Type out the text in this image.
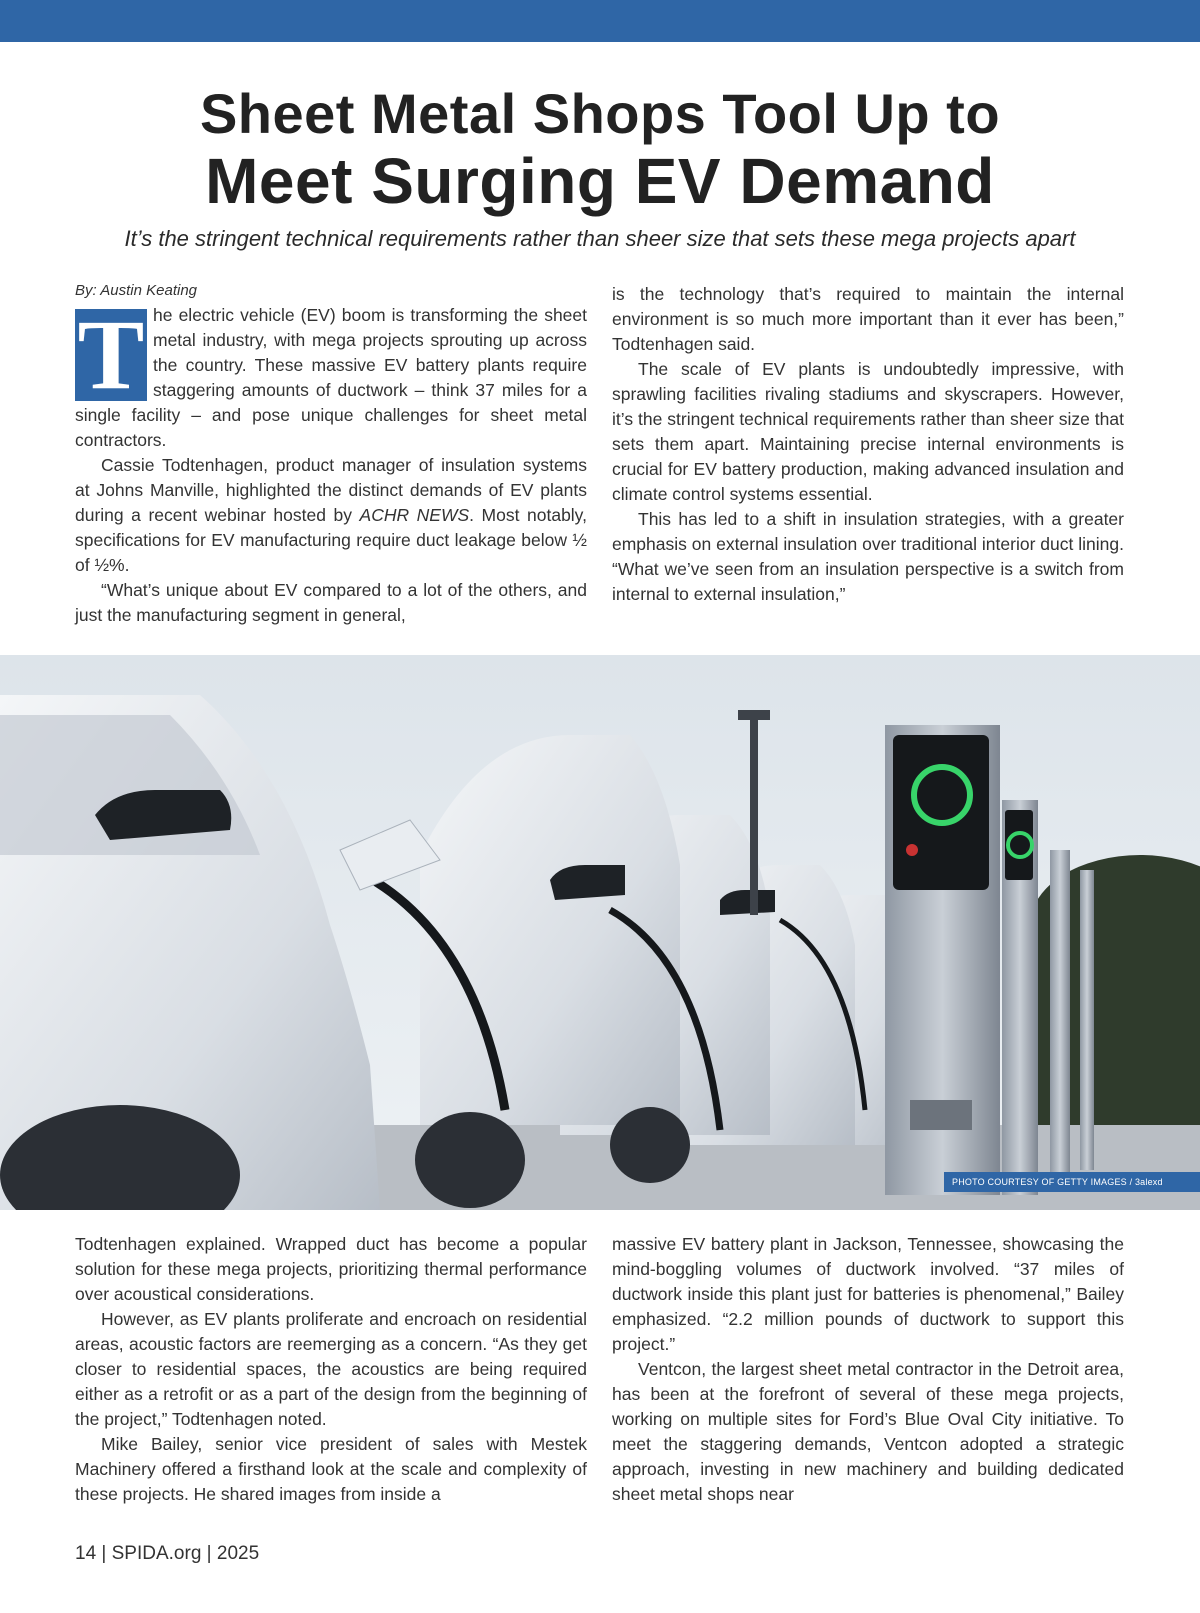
Sheet Metal Shops Tool Up to
Meet Surging EV Demand
It’s the stringent technical requirements rather than sheer size that sets these mega projects apart

By: Austin Keating

T he electric vehicle (EV) boom is transforming the sheet metal industry, with mega projects sprouting up across the country. These massive EV battery plants require staggering amounts of ductwork – think 37 miles for a single facility – and pose unique challenges for sheet metal contractors.

Cassie Todtenhagen, product manager of insulation systems at Johns Manville, highlighted the distinct demands of EV plants during a recent webinar hosted by ACHR NEWS. Most notably, specifications for EV manufacturing require duct leakage below ½ of ½%.

“What’s unique about EV compared to a lot of the others, and just the manufacturing segment in general,

is the technology that’s required to maintain the internal environment is so much more important than it ever has been,” Todtenhagen said.

The scale of EV plants is undoubtedly impressive, with sprawling facilities rivaling stadiums and skyscrapers. However, it’s the stringent technical requirements rather than sheer size that sets them apart. Maintaining precise internal environments is crucial for EV battery production, making advanced insulation and climate control systems essential.

This has led to a shift in insulation strategies, with a greater emphasis on external insulation over traditional interior duct lining. “What we’ve seen from an insulation perspective is a switch from internal to external insulation,”

PHOTO COURTESY OF GETTY IMAGES / 3alexd

Todtenhagen explained. Wrapped duct has become a popular solution for these mega projects, prioritizing thermal performance over acoustical considerations.

However, as EV plants proliferate and encroach on residential areas, acoustic factors are reemerging as a concern. “As they get closer to residential spaces, the acoustics are being required either as a retrofit or as a part of the design from the beginning of the project,” Todtenhagen noted.

Mike Bailey, senior vice president of sales with Mestek Machinery offered a firsthand look at the scale and complexity of these projects. He shared images from inside a

massive EV battery plant in Jackson, Tennessee, showcasing the mind-boggling volumes of ductwork involved. “37 miles of ductwork inside this plant just for batteries is phenomenal,” Bailey emphasized. “2.2 million pounds of ductwork to support this project.”

Ventcon, the largest sheet metal contractor in the Detroit area, has been at the forefront of several of these mega projects, working on multiple sites for Ford’s Blue Oval City initiative. To meet the staggering demands, Ventcon adopted a strategic approach, investing in new machinery and building dedicated sheet metal shops near

14 | SPIDA.org | 2025
